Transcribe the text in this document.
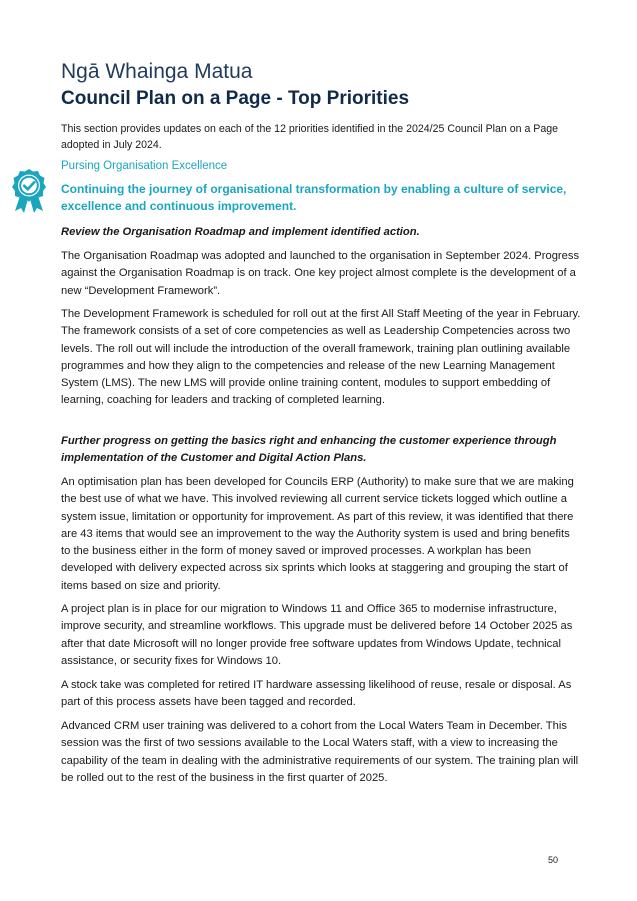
Ngā Whainga Matua
Council Plan on a Page - Top Priorities

This section provides updates on each of the 12 priorities identified in the 2024/25 Council Plan on a Page adopted in July 2024.

Pursing Organisation Excellence

Continuing the journey of organisational transformation by enabling a culture of service, excellence and continuous improvement.

Review the Organisation Roadmap and implement identified action.

The Organisation Roadmap was adopted and launched to the organisation in September 2024. Progress against the Organisation Roadmap is on track. One key project almost complete is the development of a new “Development Framework”.

The Development Framework is scheduled for roll out at the first All Staff Meeting of the year in February. The framework consists of a set of core competencies as well as Leadership Competencies across two levels. The roll out will include the introduction of the overall framework, training plan outlining available programmes and how they align to the competencies and release of the new Learning Management System (LMS). The new LMS will provide online training content, modules to support embedding of learning, coaching for leaders and tracking of completed learning.

Further progress on getting the basics right and enhancing the customer experience through implementation of the Customer and Digital Action Plans.

An optimisation plan has been developed for Councils ERP (Authority) to make sure that we are making the best use of what we have. This involved reviewing all current service tickets logged which outline a system issue, limitation or opportunity for improvement. As part of this review, it was identified that there are 43 items that would see an improvement to the way the Authority system is used and bring benefits to the business either in the form of money saved or improved processes. A workplan has been developed with delivery expected across six sprints which looks at staggering and grouping the start of items based on size and priority.

A project plan is in place for our migration to Windows 11 and Office 365 to modernise infrastructure, improve security, and streamline workflows. This upgrade must be delivered before 14 October 2025 as after that date Microsoft will no longer provide free software updates from Windows Update, technical assistance, or security fixes for Windows 10.

A stock take was completed for retired IT hardware assessing likelihood of reuse, resale or disposal. As part of this process assets have been tagged and recorded.

Advanced CRM user training was delivered to a cohort from the Local Waters Team in December. This session was the first of two sessions available to the Local Waters staff, with a view to increasing the capability of the team in dealing with the administrative requirements of our system. The training plan will be rolled out to the rest of the business in the first quarter of 2025.

50
